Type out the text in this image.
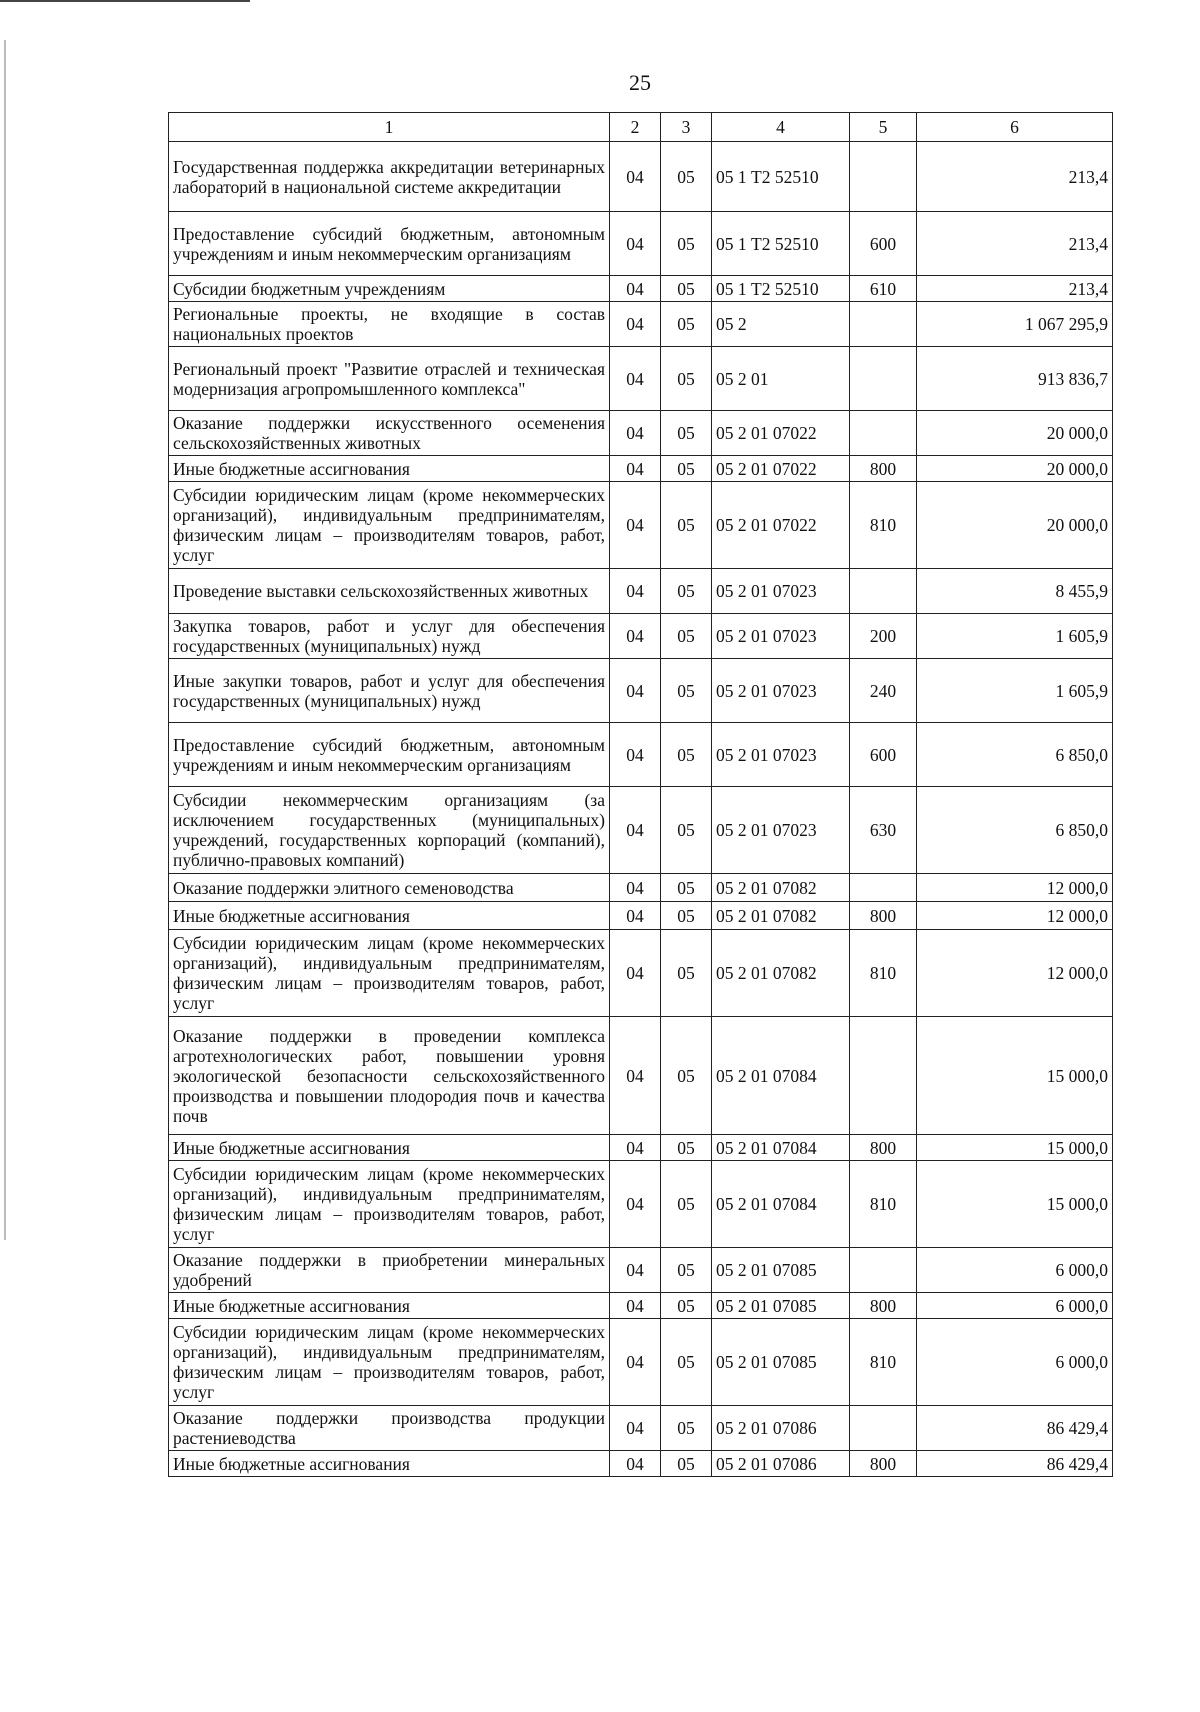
25
1	2	3	4	5	6
Государственная поддержка аккредитации ветеринарных лабораторий в национальной системе аккредитации	04	05	05 1 Т2 52510		213,4
Предоставление субсидий бюджетным, автономным учреждениям и иным некоммерческим организациям	04	05	05 1 Т2 52510	600	213,4
Субсидии бюджетным учреждениям	04	05	05 1 Т2 52510	610	213,4
Региональные проекты, не входящие в состав национальных проектов	04	05	05 2		1 067 295,9
Региональный проект "Развитие отраслей и техническая модернизация агропромышленного комплекса"	04	05	05 2 01		913 836,7
Оказание поддержки искусственного осеменения сельскохозяйственных животных	04	05	05 2 01 07022		20 000,0
Иные бюджетные ассигнования	04	05	05 2 01 07022	800	20 000,0
Субсидии юридическим лицам (кроме некоммерческих организаций), индивидуальным предпринимателям, физическим лицам – производителям товаров, работ, услуг	04	05	05 2 01 07022	810	20 000,0
Проведение выставки сельскохозяйственных животных	04	05	05 2 01 07023		8 455,9
Закупка товаров, работ и услуг для обеспечения государственных (муниципальных) нужд	04	05	05 2 01 07023	200	1 605,9
Иные закупки товаров, работ и услуг для обеспечения государственных (муниципальных) нужд	04	05	05 2 01 07023	240	1 605,9
Предоставление субсидий бюджетным, автономным учреждениям и иным некоммерческим организациям	04	05	05 2 01 07023	600	6 850,0
Субсидии некоммерческим организациям (за исключением государственных (муниципальных) учреждений, государственных корпораций (компаний), публично-правовых компаний)	04	05	05 2 01 07023	630	6 850,0
Оказание поддержки элитного семеноводства	04	05	05 2 01 07082		12 000,0
Иные бюджетные ассигнования	04	05	05 2 01 07082	800	12 000,0
Субсидии юридическим лицам (кроме некоммерческих организаций), индивидуальным предпринимателям, физическим лицам – производителям товаров, работ, услуг	04	05	05 2 01 07082	810	12 000,0
Оказание поддержки в проведении комплекса агротехнологических работ, повышении уровня экологической безопасности сельскохозяйственного производства и повышении плодородия почв и качества почв	04	05	05 2 01 07084		15 000,0
Иные бюджетные ассигнования	04	05	05 2 01 07084	800	15 000,0
Субсидии юридическим лицам (кроме некоммерческих организаций), индивидуальным предпринимателям, физическим лицам – производителям товаров, работ, услуг	04	05	05 2 01 07084	810	15 000,0
Оказание поддержки в приобретении минеральных удобрений	04	05	05 2 01 07085		6 000,0
Иные бюджетные ассигнования	04	05	05 2 01 07085	800	6 000,0
Субсидии юридическим лицам (кроме некоммерческих организаций), индивидуальным предпринимателям, физическим лицам – производителям товаров, работ, услуг	04	05	05 2 01 07085	810	6 000,0
Оказание поддержки производства продукции растениеводства	04	05	05 2 01 07086		86 429,4
Иные бюджетные ассигнования	04	05	05 2 01 07086	800	86 429,4
